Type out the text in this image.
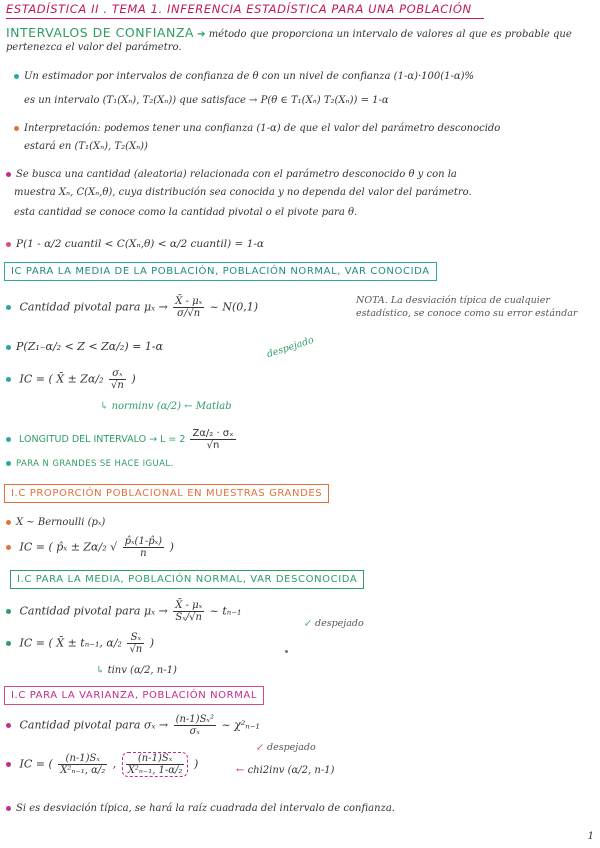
ESTADÍSTICA II . TEMA 1. INFERENCIA ESTADÍSTICA PARA UNA POBLACIÓN
INTERVALOS DE CONFIANZA ➔ método que proporciona un intervalo de valores al que es probable que pertenezca el valor del parámetro.
Un estimador por intervalos de confianza de θ con un nivel de confianza (1-α)·100(1-α)%
es un intervalo (T₁(Xₙ), T₂(Xₙ)) que satisface → P(θ ∈ T₁(Xₙ) T₂(Xₙ)) = 1-α
Interpretación: podemos tener una confianza (1-α) de que el valor del parámetro desconocido
estará en (T₁(Xₙ), T₂(Xₙ))
Se busca una cantidad (aleatoria) relacionada con el parámetro desconocido θ y con la
muestra Xₙ, C(Xₙ,θ), cuya distribución sea conocida y no dependa del valor del parámetro.
esta cantidad se conoce como la cantidad pivotal o el pivote para θ.
P(1 - α/2 cuantil < C(Xₙ,θ) < α/2 cuantil) = 1-α
IC PARA LA MEDIA DE LA POBLACIÓN, POBLACIÓN NORMAL, VAR CONOCIDA
Cantidad pivotal para $\mu_x \to \frac{\text{X̄ - μₓ}}{\sigma/√n}$ ~ N(0,1)	NOTA. La desviación típica de cualquier estadístico, se conoce como su error estándar
P(Z₁₋α/₂ < Z < Zα/₂) = 1-α	despejado
IC = ( X̄ ± $Z\alpha/_2 \frac{\text{σₓ}}{√n}$ )
↳ norminv (α/2) ← Matlab
LONGITUD DEL INTERVALO → $L = 2 \frac{\text{Zα/₂ · σₓ}}{√n}$
PARA N GRANDES SE HACE IGUAL.
I.C PROPORCIÓN POBLACIONAL EN MUESTRAS GRANDES
X ~ Bernoulli (pₓ)
IC = ( p̂ₓ ± Zα/₂ √ $\frac{\text{p̂ₓ(1-p̂ₓ)}}{n}$ )
I.C PARA LA MEDIA, POBLACIÓN NORMAL, VAR DESCONOCIDA
Cantidad pivotal para $\mu_x \to \frac{\text{X̄ - μₓ}}{\text{Sₓ/√n}}$ ~ tₙ₋₁
↙ despejado
IC = ( X̄ ± tₙ₋₁, $\alpha/_2 \frac{\text{Sₓ}}{√n}$ )
↳ tinv (α/2, n-1)
I.C PARA LA VARIANZA, POBLACIÓN NORMAL
Cantidad pivotal para $\sigma_x \to \frac{\text{(n-1)Sₓ²}}{\text{σₓ}}$ ~ χ²ₙ₋₁
↙ despejado
IC = ( $\frac{\text{(n-1)Sₓ}}{\text{X²ₙ₋₁, α/₂}}$ , $\frac{\text{(n-1)Sₓ}}{\text{X²ₙ₋₁, 1-α/₂}}$ )	← chi2inv (α/2, n-1)
Si es desviación típica, se hará la raíz cuadrada del intervalo de confianza.
1
